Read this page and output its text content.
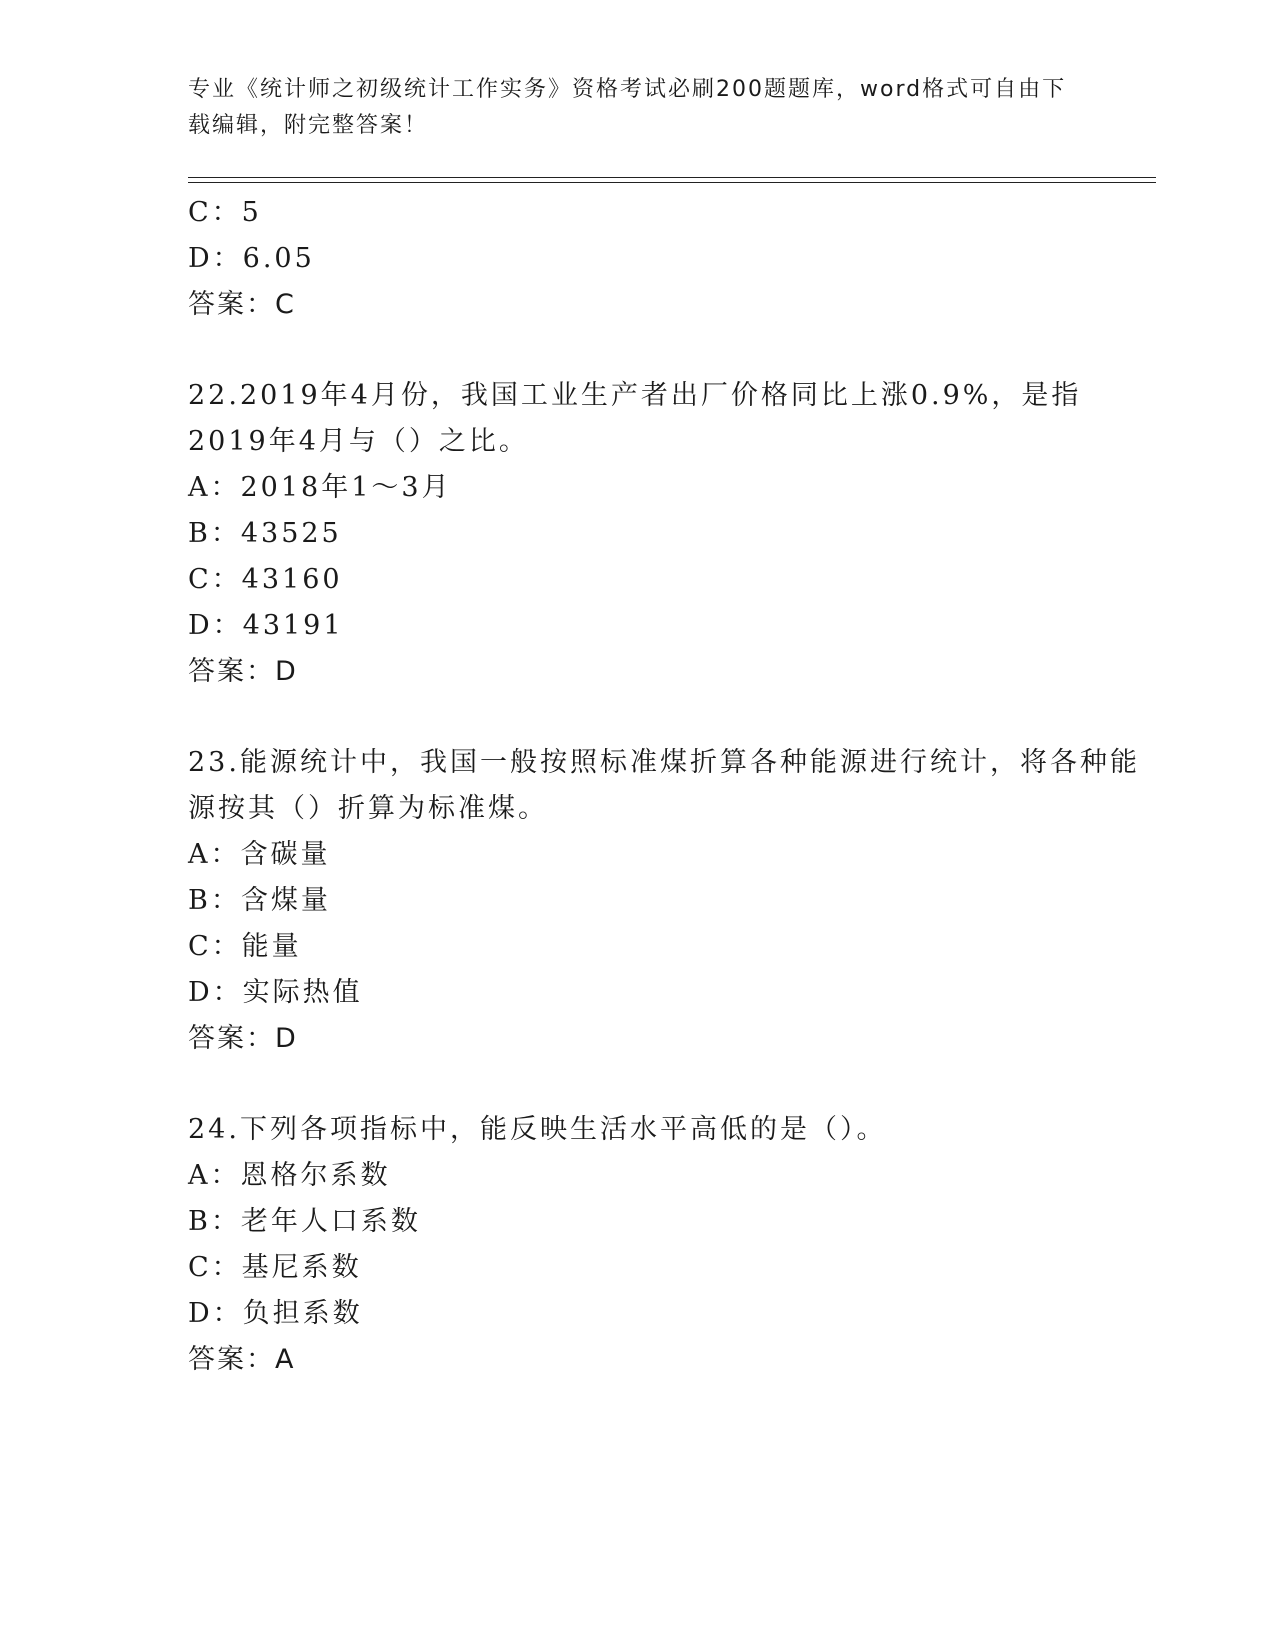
专业《统计师之初级统计工作实务》资格考试必刷200题题库，word格式可自由下载编辑，附完整答案！
C：5
D：6.05
答案：C
22.2019年4月份，我国工业生产者出厂价格同比上涨0.9%，是指2019年4月与（）之比。
A：2018年1～3月
B：43525
C：43160
D：43191
答案：D
23.能源统计中，我国一般按照标准煤折算各种能源进行统计，将各种能源按其（）折算为标准煤。
A：含碳量
B：含煤量
C：能量
D：实际热值
答案：D
24.下列各项指标中，能反映生活水平高低的是（）。
A：恩格尔系数
B：老年人口系数
C：基尼系数
D：负担系数
答案：A
